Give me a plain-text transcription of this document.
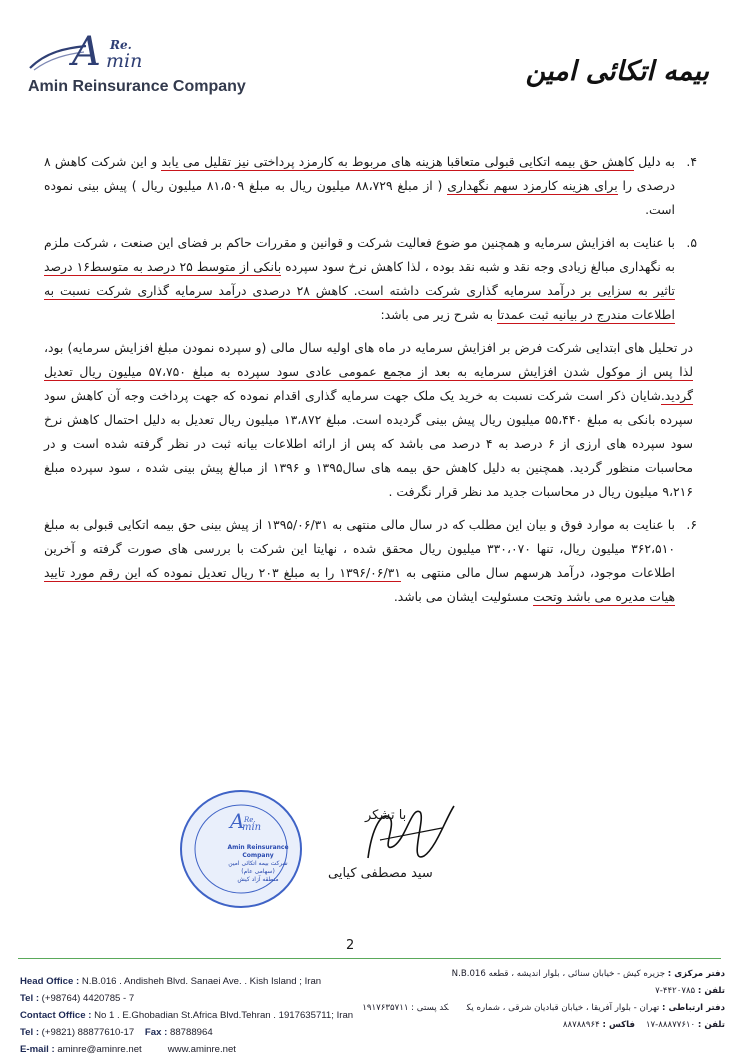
A Re.
min
Amin Reinsurance Company	بیمه اتکائی امین
۴.
به دلیل کاهش حق بیمه اتکایی قبولی متعاقبا هزینه های مربوط به کارمزد پرداختی نیز تقلیل می یابد و این شرکت کاهش ۸ درصدی را برای هزینه کارمزد سهم نگهداری ( از مبلغ ۸۸،۷۲۹ میلیون ریال به مبلغ ۸۱،۵۰۹ میلیون ریال ) پیش بینی نموده است.
۵.
با عنایت به افزایش سرمایه و همچنین مو ضوع فعالیت شرکت و قوانین و مقررات حاکم بر فضای این صنعت ، شرکت ملزم به نگهداری مبالغ زیادی وجه نقد و شبه نقد بوده ، لذا کاهش نرخ سود سپرده بانکی از متوسط ۲۵ درصد به متوسط۱۶ درصد تاثیر به سزایی بر درآمد سرمایه گذاری شرکت داشته است. کاهش ۲۸ درصدی درآمد سرمایه گذاری شرکت نسبت به اطلاعات مندرج در بیانیه ثبت عمدتا به شرح زیر می باشد:
در تحلیل های ابتدایی شرکت فرض بر افزایش سرمایه در ماه های اولیه سال مالی (و سپرده نمودن مبلغ افزایش سرمایه) بود، لذا پس از موکول شدن افزایش سرمایه به بعد از مجمع عمومی عادی سود سپرده به مبلغ ۵۷،۷۵۰ میلیون ریال تعدیل گردید.شایان ذکر است شرکت نسبت به خرید یک ملک جهت سرمایه گذاری اقدام نموده که جهت پرداخت وجه آن کاهش سود سپرده بانکی به مبلغ ۵۵،۴۴۰ میلیون ریال پیش بینی گردیده است. مبلغ ۱۳،۸۷۲ میلیون ریال تعدیل به دلیل احتمال کاهش نرخ سود سپرده های ارزی از ۶ درصد به ۴ درصد می باشد که پس از ارائه اطلاعات بیانه ثبت در نظر گرفته شده است و در محاسبات منظور گردید. همچنین به دلیل کاهش حق بیمه های سال۱۳۹۵ و ۱۳۹۶ از مبالغ پیش بینی شده ، سود سپرده مبلغ ۹،۲۱۶ میلیون ریال در محاسبات جدید مد نظر قرار نگرفت .
۶.
با عنایت به موارد فوق و بیان این مطلب که در سال مالی منتهی به ۱۳۹۵/۰۶/۳۱ از پیش بینی حق بیمه اتکایی قبولی به مبلغ ۳۶۲،۵۱۰ میلیون ریال، تنها ۳۳۰،۰۷۰ میلیون ریال محقق شده ، نهایتا این شرکت با بررسی های صورت گرفته و آخرین اطلاعات موجود، درآمد هرسهم سال مالی منتهی به ۱۳۹۶/۰۶/۳۱ را به مبلغ ۲۰۳ ریال تعدیل نموده که این رقم مورد تایید هیات مدیره می باشد وتحت مسئولیت ایشان می باشد.
A Re.
min
Amin Reinsurance Company
شرکت بیمه اتکائی امین
(سهامی عام)
منطقه آزاد کیش
با تشکر
سید مصطفی کیایی
2
Head Office : N.B.016 . Andisheh Blvd. Sanaei Ave. . Kish Island ; Iran
Tel : (+98764) 4420785 - 7
Contact Office : No 1 . E.Ghobadian St.Africa Blvd.Tehran . 1917635711; Iran
Tel : (+9821) 88877610-17 Fax : 88788964
E-mail : aminre@aminre.net	www.aminre.net
دفتر مرکزی : جزیره کیش - خیابان سنائی ، بلوار اندیشه ، قطعه N.B.016
تلفن : ۴۴۲۰۷۸۵-۷
دفتر ارتباطی : تهران - بلوار آفریقا ، خیابان قبادیان شرقی ، شماره یککد پستی : ۱۹۱۷۶۳۵۷۱۱
تلفن : ۸۸۸۷۷۶۱۰-۱۷    فاکس : ۸۸۷۸۸۹۶۴
